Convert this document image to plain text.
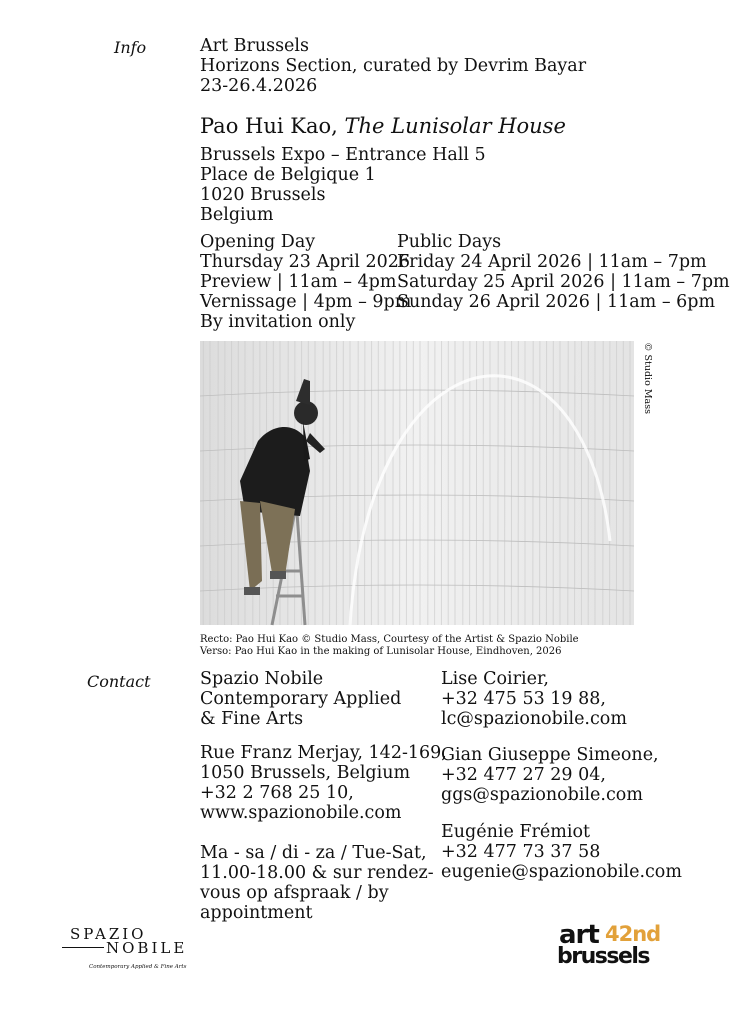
Info	Art Brussels
Horizons Section, curated by Devrim Bayar
23-26.4.2026
Pao Hui Kao, The Lunisolar House
Brussels Expo – Entrance Hall 5
Place de Belgique 1
1020 Brussels
Belgium
Opening Day
Thursday 23 April 2026
Preview | 11am – 4pm
Vernissage | 4pm – 9pm
By invitation only
Public Days
Friday 24 April 2026 | 11am – 7pm
Saturday 25 April 2026 | 11am – 7pm
Sunday 26 April 2026 | 11am – 6pm
© Studio Mass
Recto: Pao Hui Kao © Studio Mass, Courtesy of the Artist & Spazio Nobile
Verso: Pao Hui Kao in the making of Lunisolar House, Eindhoven, 2026
Contact	Spazio Nobile
Contemporary Applied
& Fine Arts
Rue Franz Merjay, 142-169,
1050 Brussels, Belgium
+32 2 768 25 10,
www.spazionobile.com
Ma - sa / di - za / Tue-Sat,
11.00-18.00 & sur rendez-
vous op afspraak / by
appointment
Lise Coirier,
+32 475 53 19 88,
lc@spazionobile.com
Gian Giuseppe Simeone,
+32 477 27 29 04,
ggs@spazionobile.com
Eugénie Frémiot
+32 477 73 37 58
eugenie@spazionobile.com
SPAZIO
NOBILE
Contemporary Applied & Fine Arts
art 42nd
brussels
